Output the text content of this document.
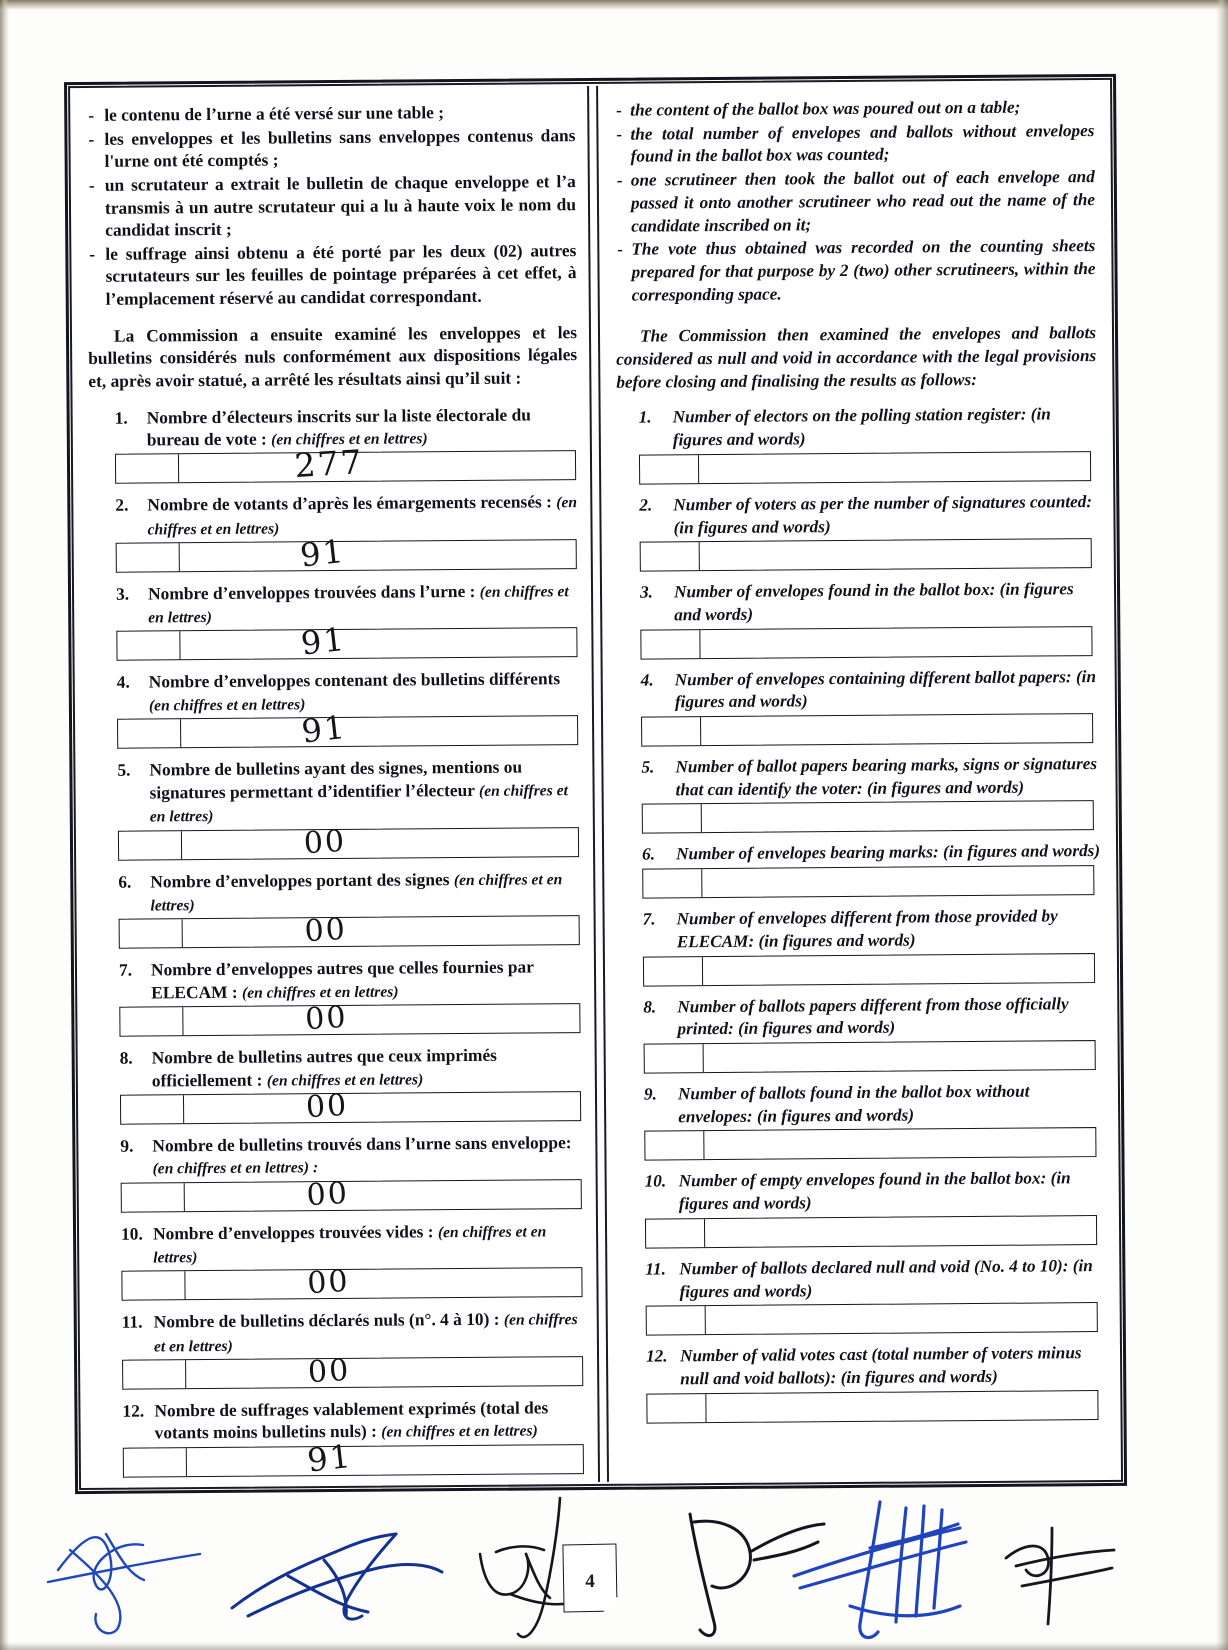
- le contenu de l’urne a été versé sur une table ;
- les enveloppes et les bulletins sans enveloppes contenus dans l'urne ont été comptés ;
- un scrutateur a extrait le bulletin de chaque enveloppe et l’a transmis à un autre scrutateur qui a lu à haute voix le nom du candidat inscrit ;
- le suffrage ainsi obtenu a été porté par les deux (02) autres scrutateurs sur les feuilles de pointage préparées à cet effet, à l’emplacement réservé au candidat correspondant.

La Commission a ensuite examiné les enveloppes et les bulletins considérés nuls conformément aux dispositions légales et, après avoir statué, a arrêté les résultats ainsi qu’il suit :

1.	Nombre d’électeurs inscrits sur la liste électorale du bureau de vote : (en chiffres et en lettres)
277
2.	Nombre de votants d’après les émargements recensés : (en chiffres et en lettres)
91
3.	Nombre d’enveloppes trouvées dans l’urne : (en chiffres et en lettres)
91
4.	Nombre d’enveloppes contenant des bulletins différents (en chiffres et en lettres)
91
5.	Nombre de bulletins ayant des signes, mentions ou signatures permettant d’identifier l’électeur (en chiffres et en lettres)
00
6.	Nombre d’enveloppes portant des signes (en chiffres et en lettres)
00
7.	Nombre d’enveloppes autres que celles fournies par ELECAM : (en chiffres et en lettres)
00
8.	Nombre de bulletins autres que ceux imprimés officiellement : (en chiffres et en lettres)
00
9.	Nombre de bulletins trouvés dans l’urne sans enveloppe: (en chiffres et en lettres) :
00
10. Nombre d’enveloppes trouvées vides : (en chiffres et en lettres)
00
11. Nombre de bulletins déclarés nuls (n°. 4 à 10) : (en chiffres et en lettres)
00
12. Nombre de suffrages valablement exprimés (total des votants moins bulletins nuls) : (en chiffres et en lettres)
91
- the content of the ballot box was poured out on a table;
- the total number of envelopes and ballots without envelopes found in the ballot box was counted;
- one scrutineer then took the ballot out of each envelope and passed it onto another scrutineer who read out the name of the candidate inscribed on it;
- The vote thus obtained was recorded on the counting sheets prepared for that purpose by 2 (two) other scrutineers, within the corresponding space.

The Commission then examined the envelopes and ballots considered as null and void in accordance with the legal provisions before closing and finalising the results as follows:

1.	Number of electors on the polling station register: (in figures and words)
2.	Number of voters as per the number of signatures counted: (in figures and words)
3.	Number of envelopes found in the ballot box: (in figures and words)
4.	Number of envelopes containing different ballot papers: (in figures and words)
5.	Number of ballot papers bearing marks, signs or signatures that can identify the voter: (in figures and words)
6.	Number of envelopes bearing marks: (in figures and words)
7.	Number of envelopes different from those provided by ELECAM: (in figures and words)
8.	Number of ballots papers different from those officially printed: (in figures and words)
9.	Number of ballots found in the ballot box without envelopes: (in figures and words)
10. Number of empty envelopes found in the ballot box: (in figures and words)
11. Number of ballots declared null and void (No. 4 to 10): (in figures and words)
12. Number of valid votes cast (total number of voters minus null and void ballots): (in figures and words)
4
